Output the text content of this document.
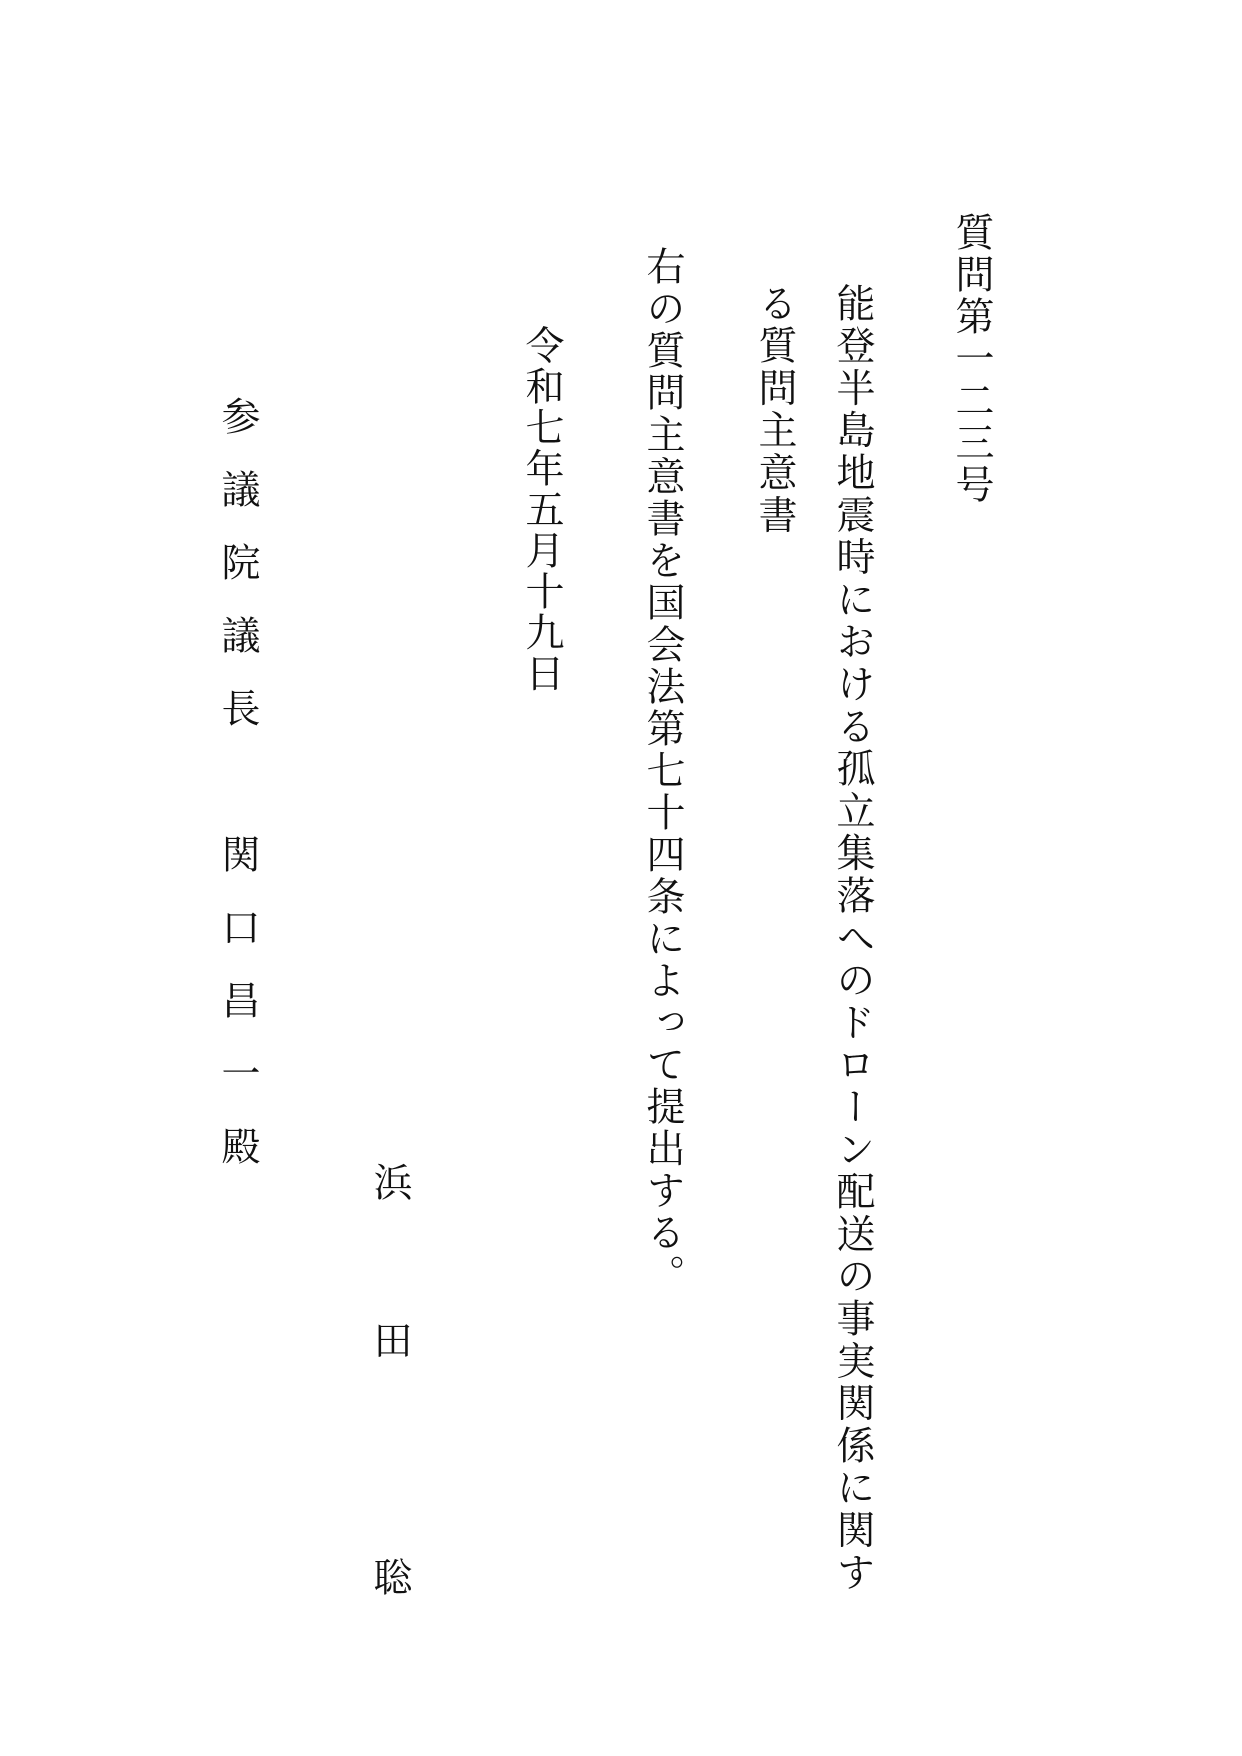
質問第一二三号
能登半島地震時における孤立集落へのドローン配送の事実関係に関する質問主意書
右の質問主意書を国会法第七十四条によって提出する。
令和七年五月十九日
浜　田　　聡
参議院議長　関口昌一殿
